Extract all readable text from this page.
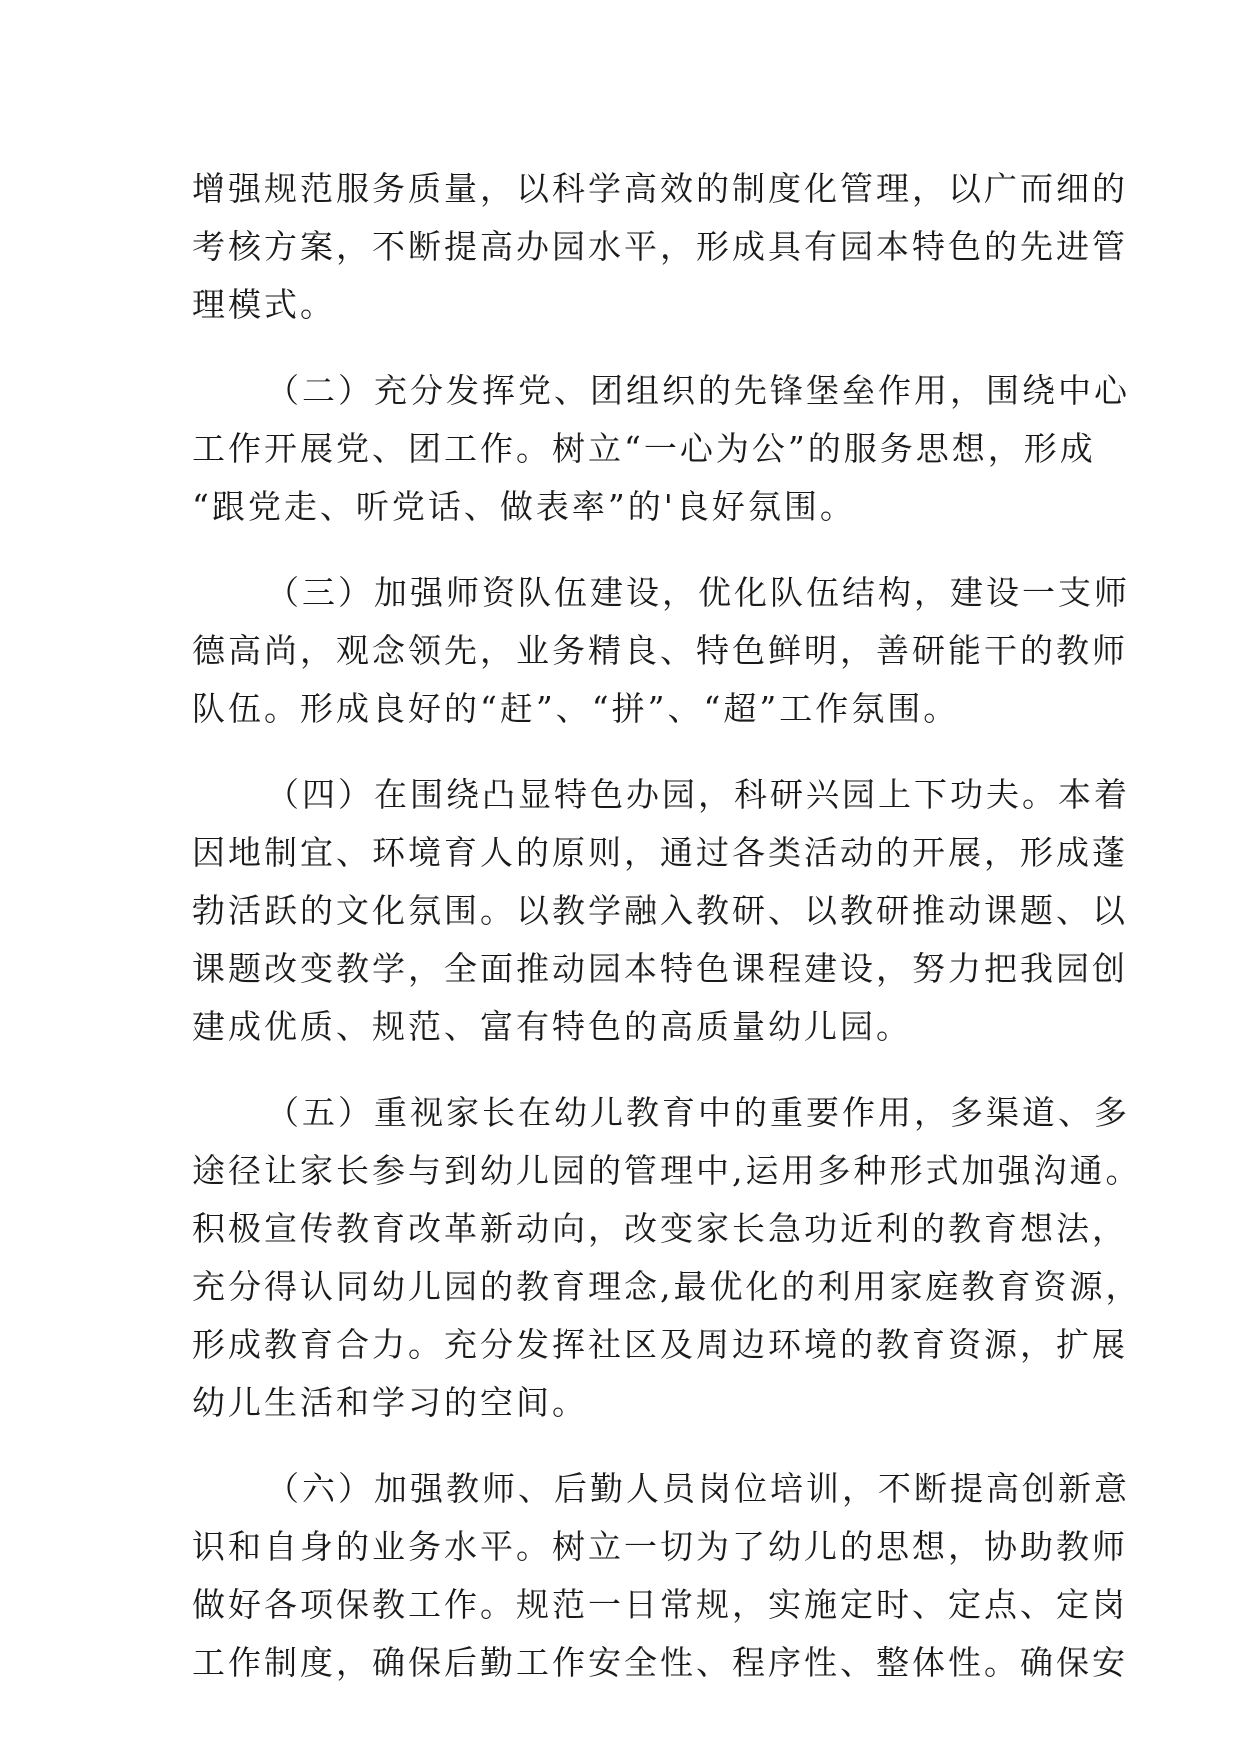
增强规范服务质量，以科学高效的制度化管理，以广而细的
考核方案，不断提高办园水平，形成具有园本特色的先进管
理模式。
（二）充分发挥党、团组织的先锋堡垒作用，围绕中心
工作开展党、团工作。树立“一心为公”的服务思想，形成
“跟党走、听党话、做表率”的'良好氛围。
（三）加强师资队伍建设，优化队伍结构，建设一支师
德高尚，观念领先，业务精良、特色鲜明，善研能干的教师
队伍。形成良好的“赶”、“拼”、“超”工作氛围。
（四）在围绕凸显特色办园，科研兴园上下功夫。本着
因地制宜、环境育人的原则，通过各类活动的开展，形成蓬
勃活跃的文化氛围。以教学融入教研、以教研推动课题、以
课题改变教学，全面推动园本特色课程建设，努力把我园创
建成优质、规范、富有特色的高质量幼儿园。
（五）重视家长在幼儿教育中的重要作用，多渠道、多
途径让家长参与到幼儿园的管理中,运用多种形式加强沟通。
积极宣传教育改革新动向，改变家长急功近利的教育想法，
充分得认同幼儿园的教育理念,最优化的利用家庭教育资源，
形成教育合力。充分发挥社区及周边环境的教育资源，扩展
幼儿生活和学习的空间。
（六）加强教师、后勤人员岗位培训，不断提高创新意
识和自身的业务水平。树立一切为了幼儿的思想，协助教师
做好各项保教工作。规范一日常规，实施定时、定点、定岗
工作制度，确保后勤工作安全性、程序性、整体性。确保安
